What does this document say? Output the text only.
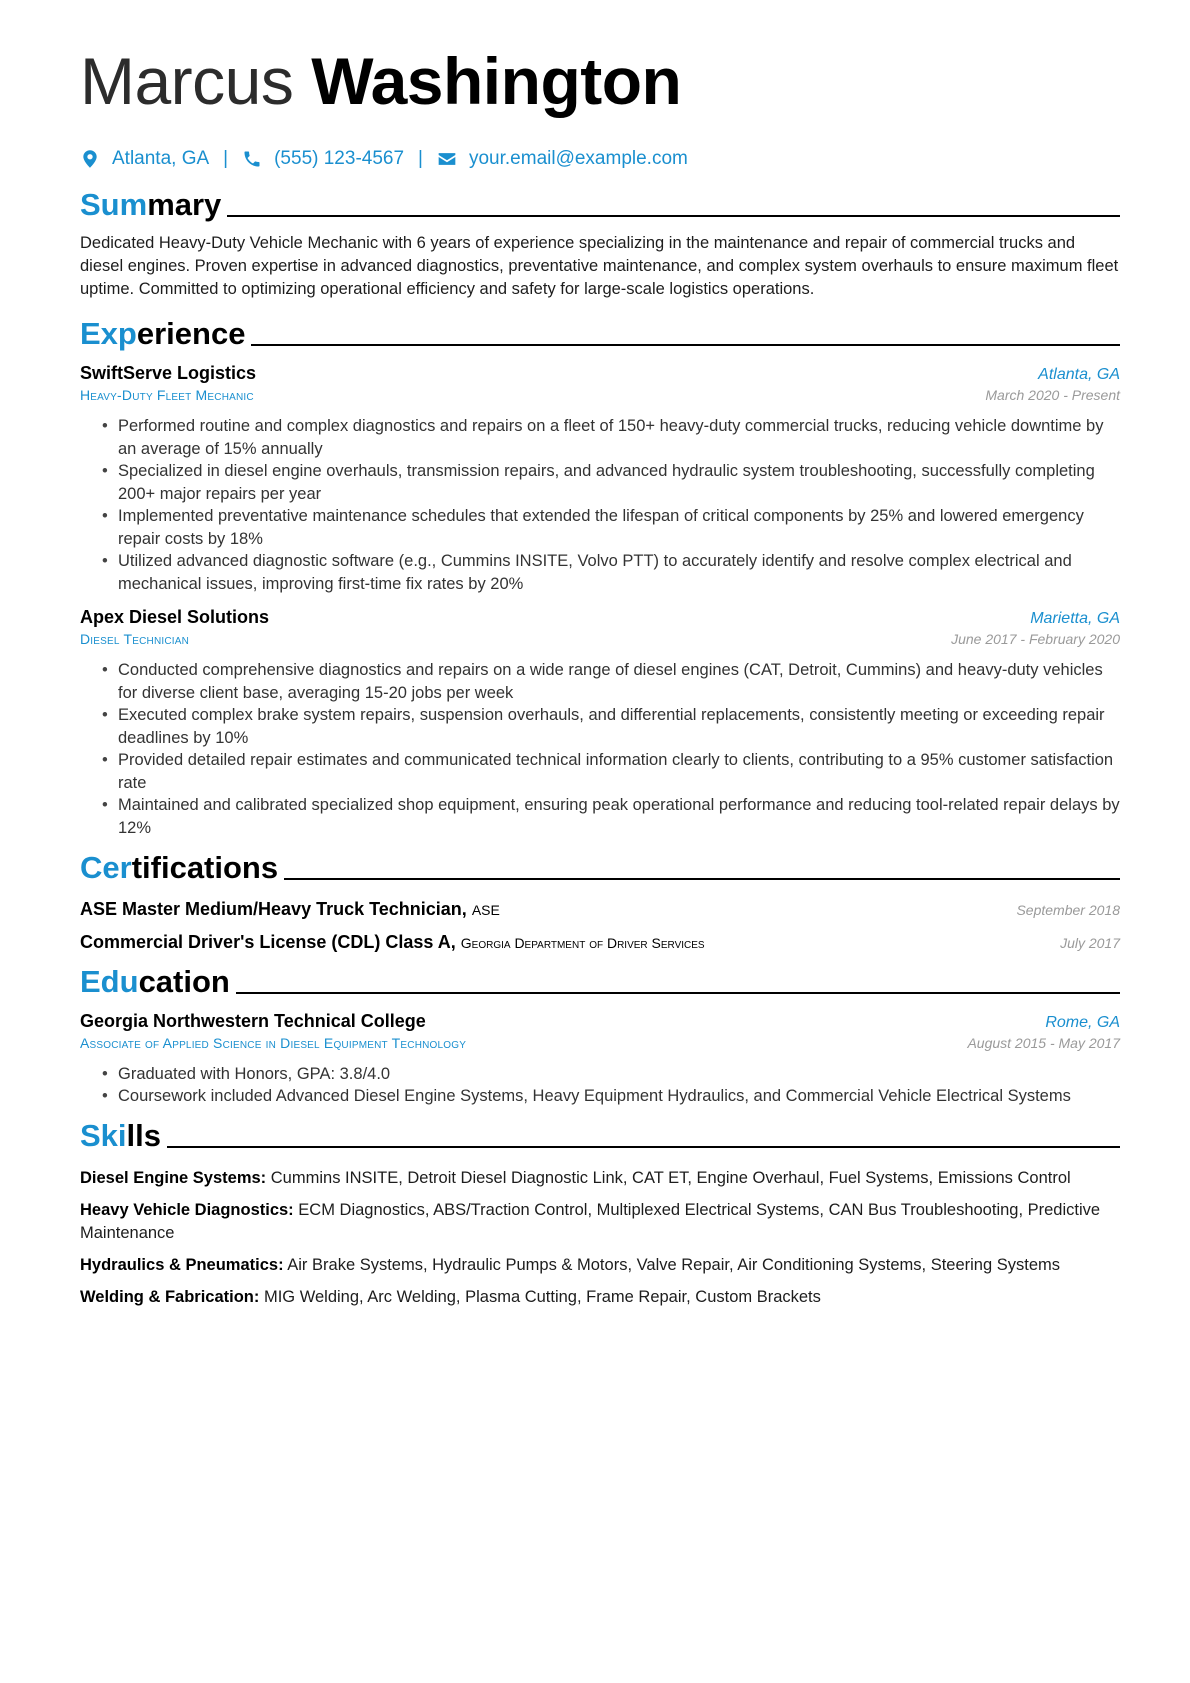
Marcus Washington
Atlanta, GA | (555) 123-4567 | your.email@example.com
Summary
Dedicated Heavy-Duty Vehicle Mechanic with 6 years of experience specializing in the maintenance and repair of commercial trucks and diesel engines. Proven expertise in advanced diagnostics, preventative maintenance, and complex system overhauls to ensure maximum fleet uptime. Committed to optimizing operational efficiency and safety for large-scale logistics operations.
Experience
SwiftServe Logistics	Atlanta, GA
Heavy-Duty Fleet Mechanic	March 2020 - Present
• Performed routine and complex diagnostics and repairs on a fleet of 150+ heavy-duty commercial trucks, reducing vehicle downtime by an average of 15% annually
• Specialized in diesel engine overhauls, transmission repairs, and advanced hydraulic system troubleshooting, successfully completing 200+ major repairs per year
• Implemented preventative maintenance schedules that extended the lifespan of critical components by 25% and lowered emergency repair costs by 18%
• Utilized advanced diagnostic software (e.g., Cummins INSITE, Volvo PTT) to accurately identify and resolve complex electrical and mechanical issues, improving first-time fix rates by 20%
Apex Diesel Solutions	Marietta, GA
Diesel Technician	June 2017 - February 2020
• Conducted comprehensive diagnostics and repairs on a wide range of diesel engines (CAT, Detroit, Cummins) and heavy-duty vehicles for diverse client base, averaging 15-20 jobs per week
• Executed complex brake system repairs, suspension overhauls, and differential replacements, consistently meeting or exceeding repair deadlines by 10%
• Provided detailed repair estimates and communicated technical information clearly to clients, contributing to a 95% customer satisfaction rate
• Maintained and calibrated specialized shop equipment, ensuring peak operational performance and reducing tool-related repair delays by 12%
Certifications
ASE Master Medium/Heavy Truck Technician, ASE	September 2018
Commercial Driver's License (CDL) Class A, Georgia Department of Driver Services	July 2017
Education
Georgia Northwestern Technical College	Rome, GA
Associate of Applied Science in Diesel Equipment Technology	August 2015 - May 2017
• Graduated with Honors, GPA: 3.8/4.0
• Coursework included Advanced Diesel Engine Systems, Heavy Equipment Hydraulics, and Commercial Vehicle Electrical Systems
Skills
Diesel Engine Systems: Cummins INSITE, Detroit Diesel Diagnostic Link, CAT ET, Engine Overhaul, Fuel Systems, Emissions Control
Heavy Vehicle Diagnostics: ECM Diagnostics, ABS/Traction Control, Multiplexed Electrical Systems, CAN Bus Troubleshooting, Predictive Maintenance
Hydraulics & Pneumatics: Air Brake Systems, Hydraulic Pumps & Motors, Valve Repair, Air Conditioning Systems, Steering Systems
Welding & Fabrication: MIG Welding, Arc Welding, Plasma Cutting, Frame Repair, Custom Brackets
